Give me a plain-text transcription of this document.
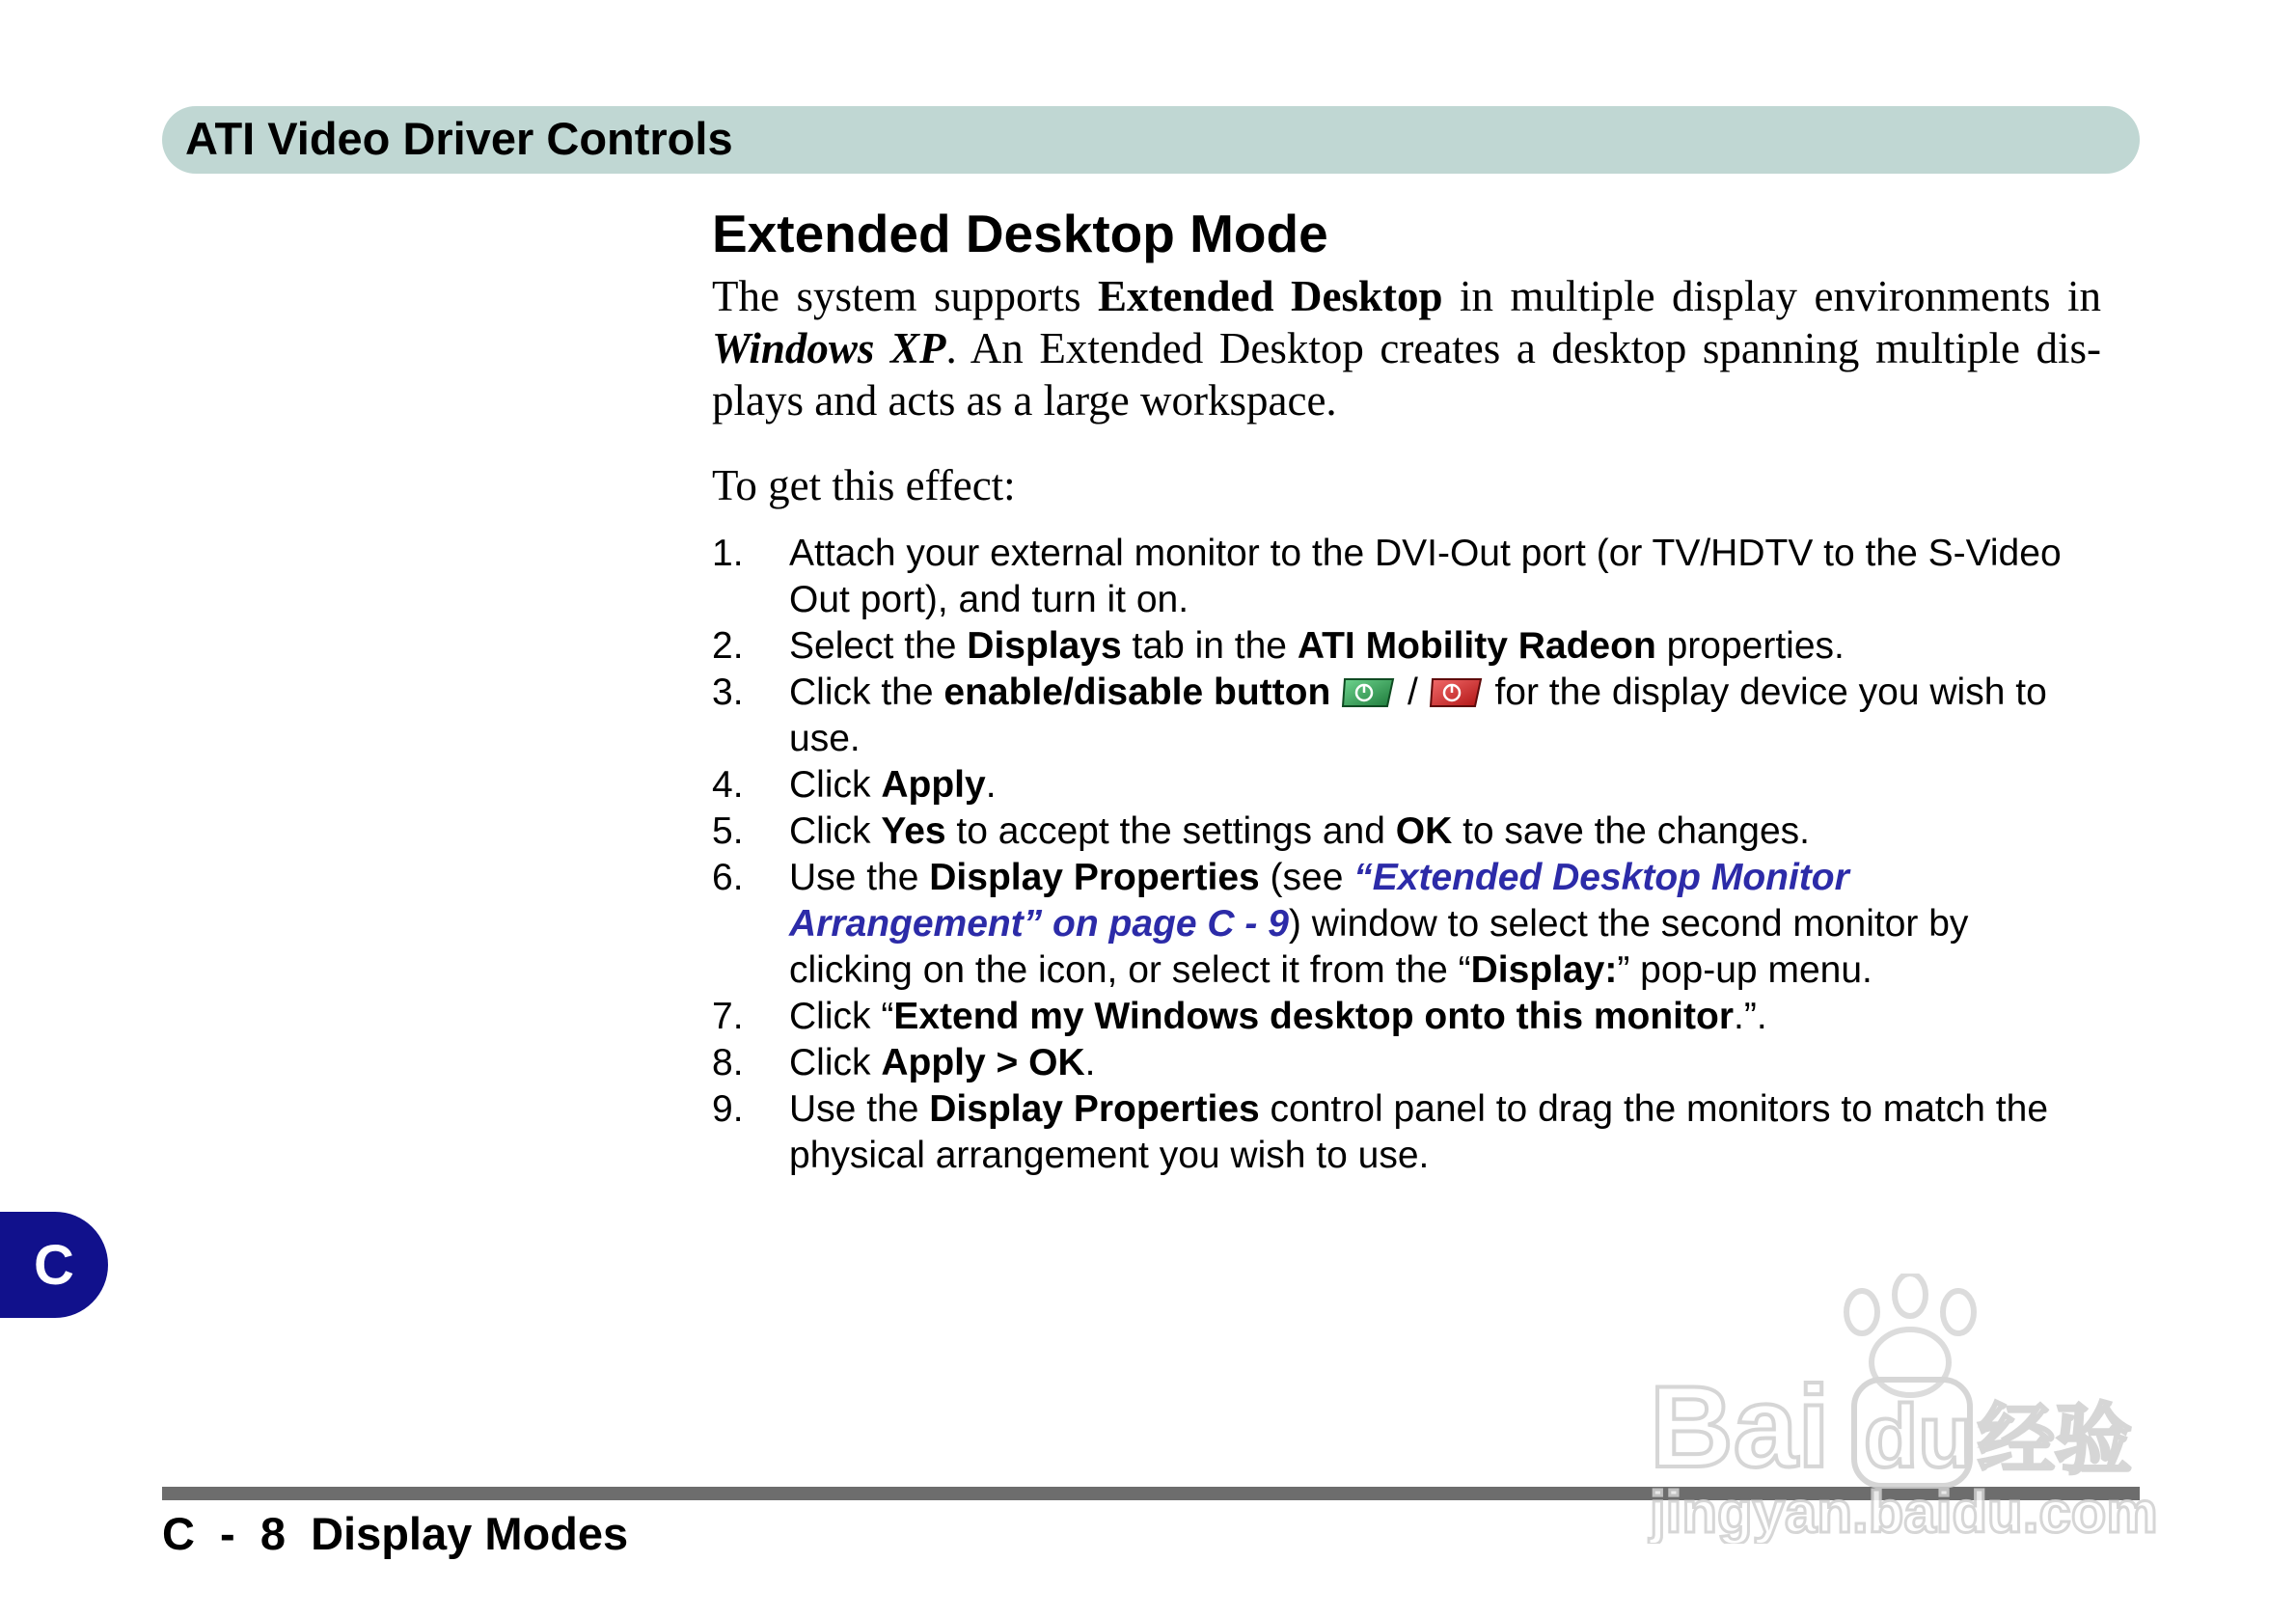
ATI Video Driver Controls
Extended Desktop Mode

The system supports Extended Desktop in multiple display environments in Windows XP. An Extended Desktop creates a desktop spanning multiple dis-plays and acts as a large workspace.

To get this effect:

1. Attach your external monitor to the DVI-Out port (or TV/HDTV to the S-Video Out port), and turn it on.
2. Select the Displays tab in the ATI Mobility Radeon properties.
3. Click the enable/disable button
/
for the display device you wish to use.
4. Click Apply.
5. Click Yes to accept the settings and OK to save the changes.
6. Use the Display Properties (see “Extended Desktop Monitor Arrangement” on page C - 9) window to select the second monitor by clicking on the icon, or select it from the “Display:” pop-up menu.
7. Click “Extend my Windows desktop onto this monitor.”.
8. Click Apply > OK.
9. Use the Display Properties control panel to drag the monitors to match the physical arrangement you wish to use.
C
C  -  8  Display Modes
Bai du 经验
jingyan.baidu.com
